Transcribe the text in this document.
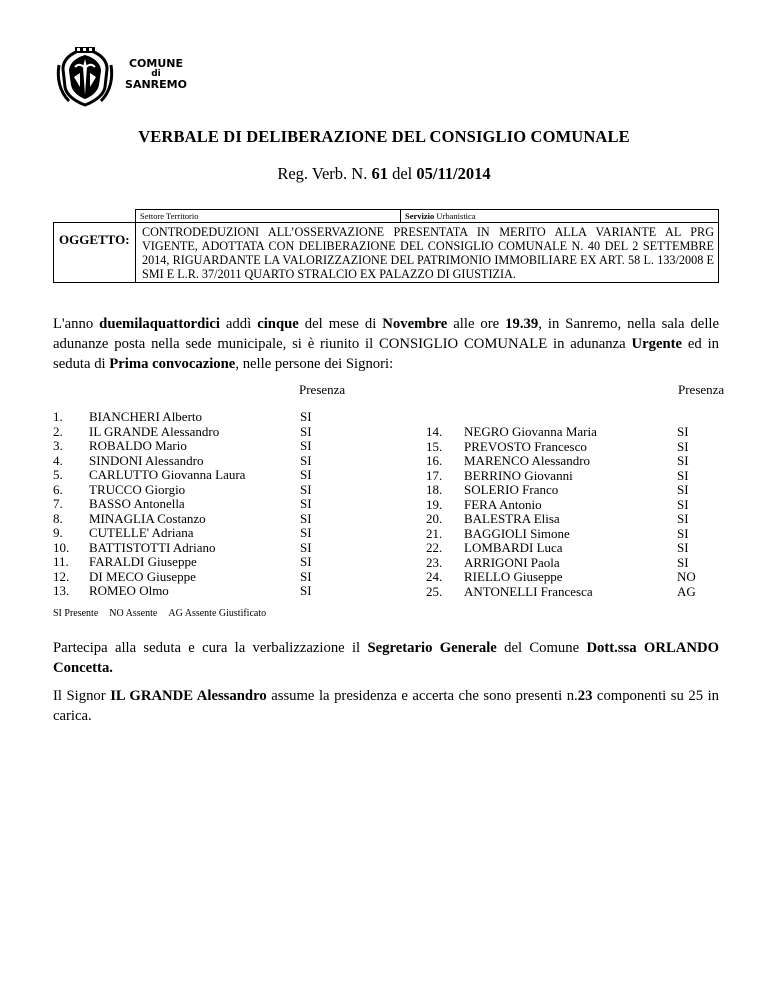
COMUNE
di
SANREMO
VERBALE DI DELIBERAZIONE DEL CONSIGLIO COMUNALE
Reg. Verb. N. 61 del 05/11/2014
Settore Territorio	Servizio Urbanistica
OGGETTO:	CONTRODEDUZIONI ALL’OSSERVAZIONE PRESENTATA IN MERITO ALLA VARIANTE AL PRG VIGENTE, ADOTTATA CON DELIBERAZIONE DEL CONSIGLIO COMUNALE N. 40 DEL 2 SETTEMBRE 2014, RIGUARDANTE LA VALORIZZAZIONE DEL PATRIMONIO IMMOBILIARE EX ART. 58 L. 133/2008 E SMI E L.R. 37/2011 QUARTO STRALCIO EX PALAZZO DI GIUSTIZIA.
L'anno duemilaquattordici addì cinque del mese di Novembre alle ore 19.39, in Sanremo, nella sala delle adunanze posta nella sede municipale, si è riunito il CONSIGLIO COMUNALE in adunanza Urgente ed in seduta di Prima convocazione, nelle persone dei Signori:
Presenza	Presenza
1. BIANCHERI Alberto	SI
2. IL GRANDE Alessandro	SI
3. ROBALDO Mario	SI
4. SINDONI Alessandro	SI
5. CARLUTTO Giovanna Laura	SI
6. TRUCCO Giorgio	SI
7. BASSO Antonella	SI
8. MINAGLIA Costanzo	SI
9. CUTELLE' Adriana	SI
10. BATTISTOTTI Adriano	SI
11. FARALDI Giuseppe	SI
12. DI MECO Giuseppe	SI
13. ROMEO Olmo	SI
14. NEGRO Giovanna Maria	SI
15. PREVOSTO Francesco	SI
16. MARENCO Alessandro	SI
17. BERRINO Giovanni	SI
18. SOLERIO Franco	SI
19. FERA Antonio	SI
20. BALESTRA Elisa	SI
21. BAGGIOLI Simone	SI
22. LOMBARDI Luca	SI
23. ARRIGONI Paola	SI
24. RIELLO Giuseppe	NO
25. ANTONELLI Francesca	AG
SI Presente NO Assente AG Assente Giustificato
Partecipa alla seduta e cura la verbalizzazione il Segretario Generale del Comune Dott.ssa ORLANDO Concetta.
Il Signor IL GRANDE Alessandro assume la presidenza e accerta che sono presenti n.23 componenti su 25 in carica.
